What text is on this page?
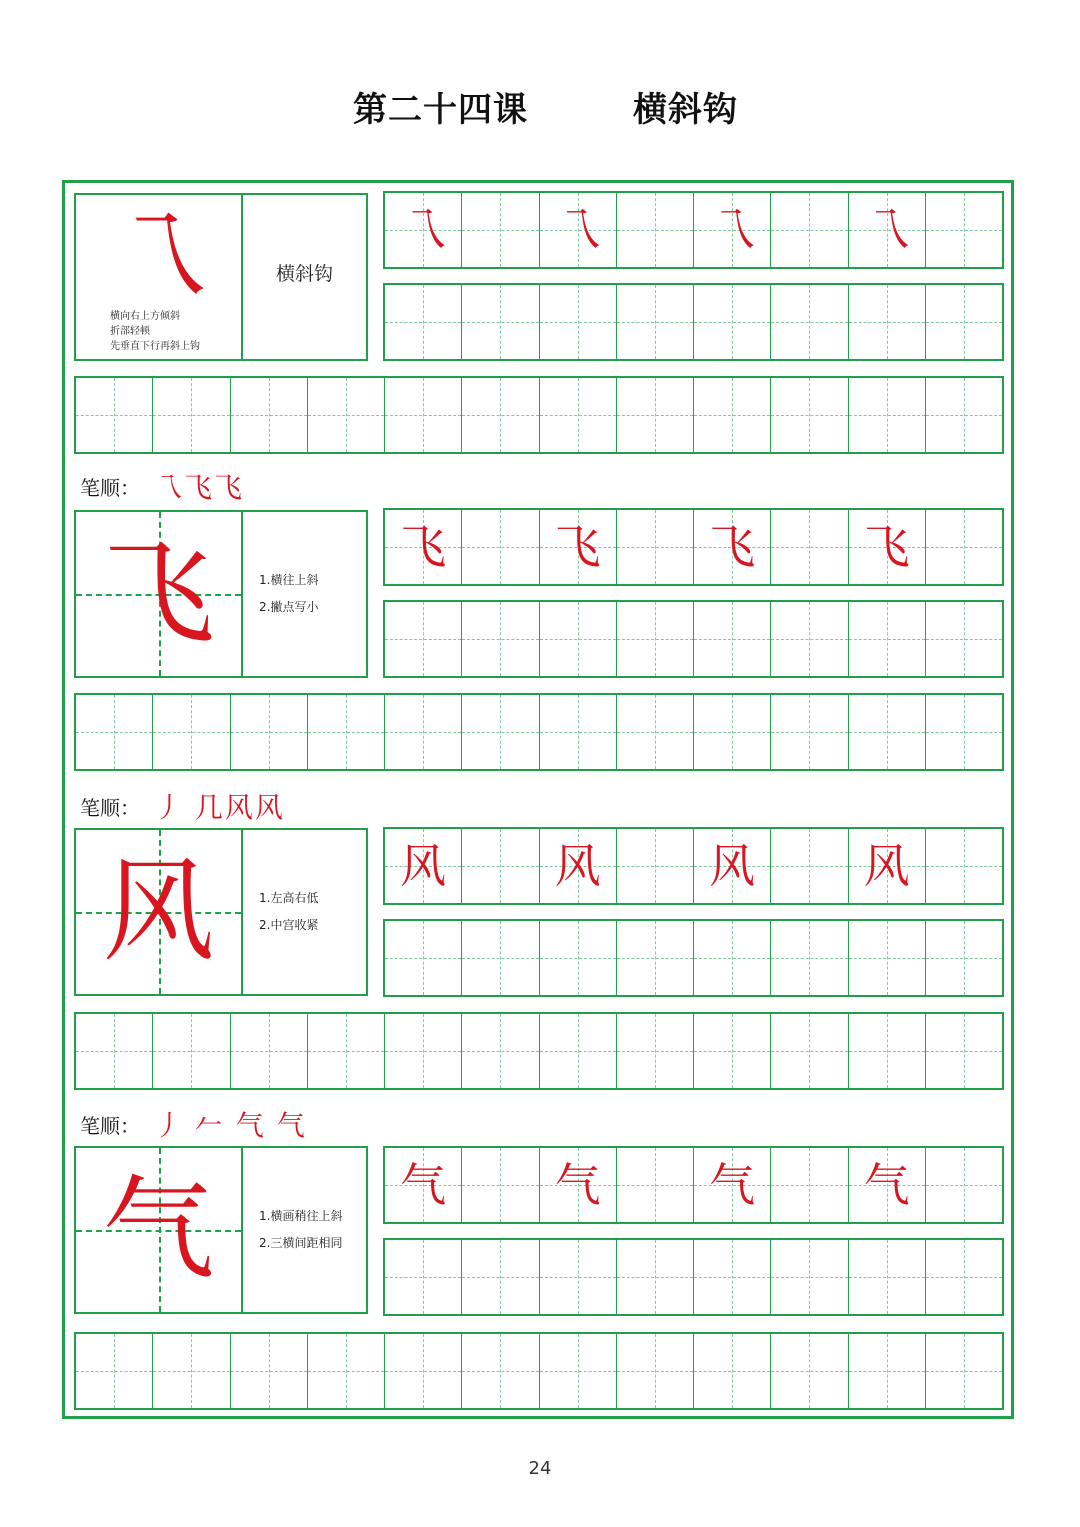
第二十四课	横斜钩
乁
横向右上方倾斜
折部轻顿
先垂直下行再斜上钩
横斜钩
乁	乁	乁	乁
笔顺： 乁飞飞
飞	1.横往上斜
2.撇点写小
飞	飞	飞	飞
笔顺： 丿 几风风
风	1.左高右低
2.中宫收紧
风	风	风	风
笔顺： 丿 𠂉 气 气
气	1.横画稍往上斜
2.三横间距相同
气	气	气	气
24
